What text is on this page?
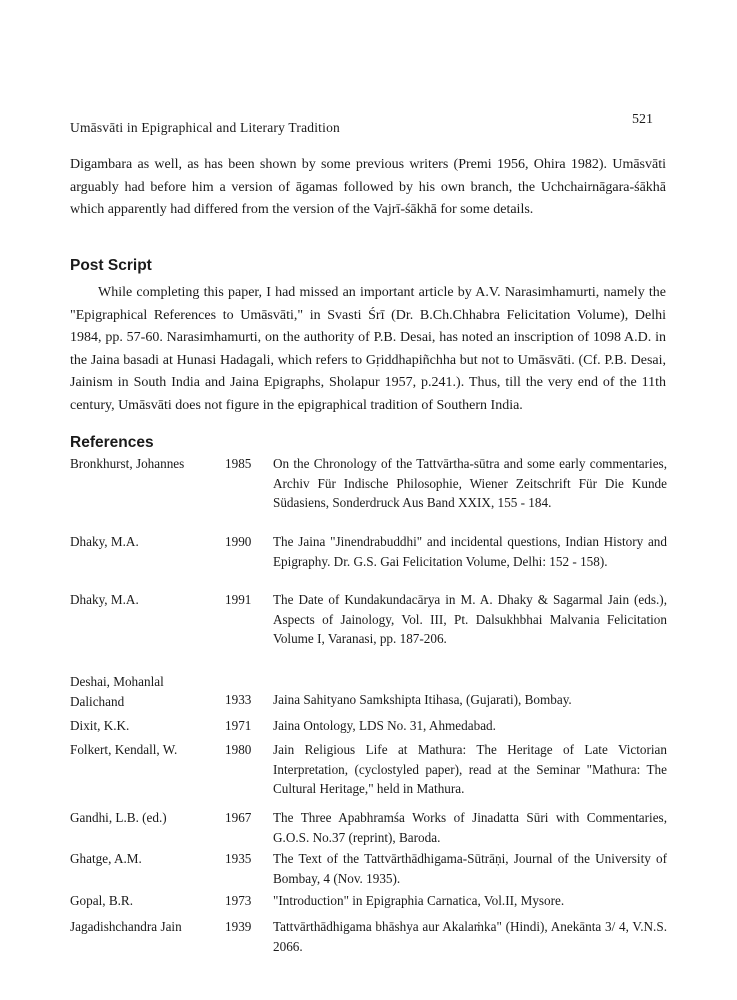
Umāsvāti in Epigraphical and Literary Tradition
521

Digambara as well, as has been shown by some previous writers (Premi 1956, Ohira 1982). Umāsvāti arguably had before him a version of āgamas followed by his own branch, the Uchchairnāgara-śākhā which apparently had differed from the version of the Vajrī-śākhā for some details.

Post Script

While completing this paper, I had missed an important article by A.V. Narasimhamurti, namely the "Epigraphical References to Umāsvāti," in Svasti Śrī (Dr. B.Ch.Chhabra Felicitation Volume), Delhi 1984, pp. 57-60. Narasimhamurti, on the authority of P.B. Desai, has noted an inscription of 1098 A.D. in the Jaina basadi at Hunasi Hadagali, which refers to Gṛiddhapiñchha but not to Umāsvāti. (Cf. P.B. Desai, Jainism in South India and Jaina Epigraphs, Sholapur 1957, p.241.). Thus, till the very end of the 11th century, Umāsvāti does not figure in the epigraphical tradition of Southern India.

References
Bronkhurst, Johannes	1985	On the Chronology of the Tattvārtha-sūtra and some early commentaries, Archiv Für Indische Philosophie, Wiener Zeitschrift Für Die Kunde Südasiens, Sonderdruck Aus Band XXIX, 155 - 184.
Dhaky, M.A.	1990	The Jaina "Jinendrabuddhi" and incidental questions, Indian History and Epigraphy. Dr. G.S. Gai Felicitation Volume, Delhi: 152 - 158).
Dhaky, M.A.	1991	The Date of Kundakundacārya in M. A. Dhaky & Sagarmal Jain (eds.), Aspects of Jainology, Vol. III, Pt. Dalsukhbhai Malvania Felicitation Volume I, Varanasi, pp. 187-206.
Deshai, Mohanlal Dalichand	1933	Jaina Sahityano Samkshipta Itihasa, (Gujarati), Bombay.
Dixit, K.K.	1971	Jaina Ontology, LDS No. 31, Ahmedabad.
Folkert, Kendall, W.	1980	Jain Religious Life at Mathura: The Heritage of Late Victorian Interpretation, (cyclostyled paper), read at the Seminar "Mathura: The Cultural Heritage," held in Mathura.
Gandhi, L.B. (ed.)	1967	The Three Apabhramśa Works of Jinadatta Sūri with Commentaries, G.O.S. No.37 (reprint), Baroda.
Ghatge, A.M.	1935	The Text of the Tattvārthādhigama-Sūtrāṇi, Journal of the University of Bombay, 4 (Nov. 1935).
Gopal, B.R.	1973	"Introduction" in Epigraphia Carnatica, Vol.II, Mysore.
Jagadishchandra Jain	1939	Tattvārthādhigama bhāshya aur Akalaṁka" (Hindi), Anekānta 3/ 4, V.N.S. 2066.
